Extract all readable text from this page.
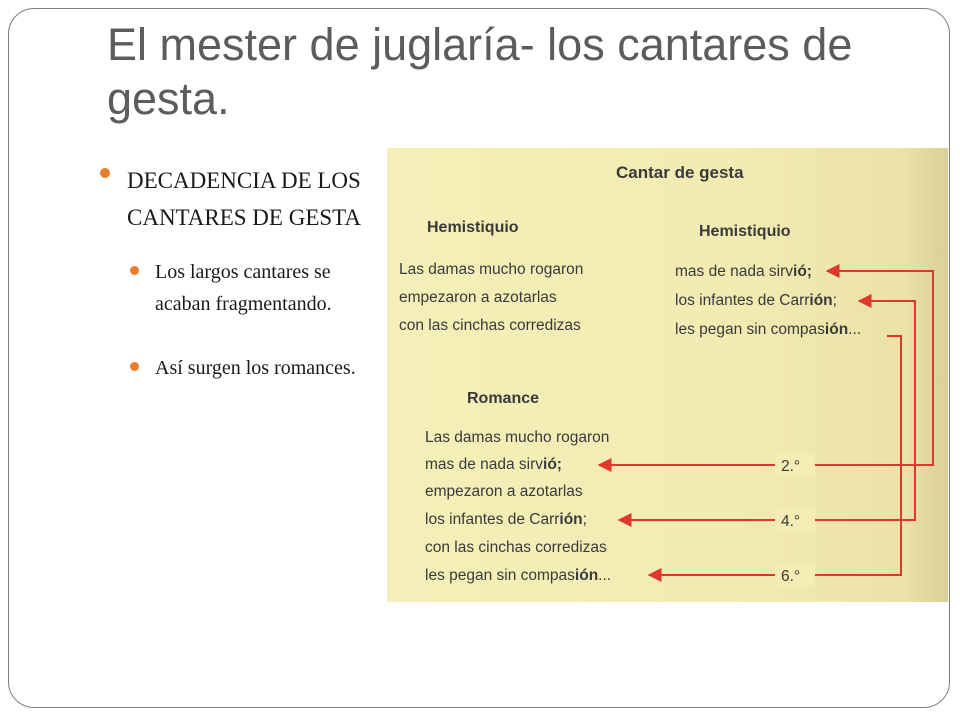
El mester de juglaría- los cantares de gesta.
DECADENCIA DE LOS CANTARES DE GESTA
Los largos cantares se acaban fragmentando.
Así surgen los romances.
Cantar de gesta
Hemistiquio
Las damas mucho rogaron
empezaron a azotarlas
con las cinchas corredizas
Hemistiquio
mas de nada sirvió;
los infantes de Carrión;
les pegan sin compasión...
Romance
Las damas mucho rogaron
mas de nada sirvió;
empezaron a azotarlas
los infantes de Carrión;
con las cinchas corredizas
les pegan sin compasión...
2.°
4.°
6.°
